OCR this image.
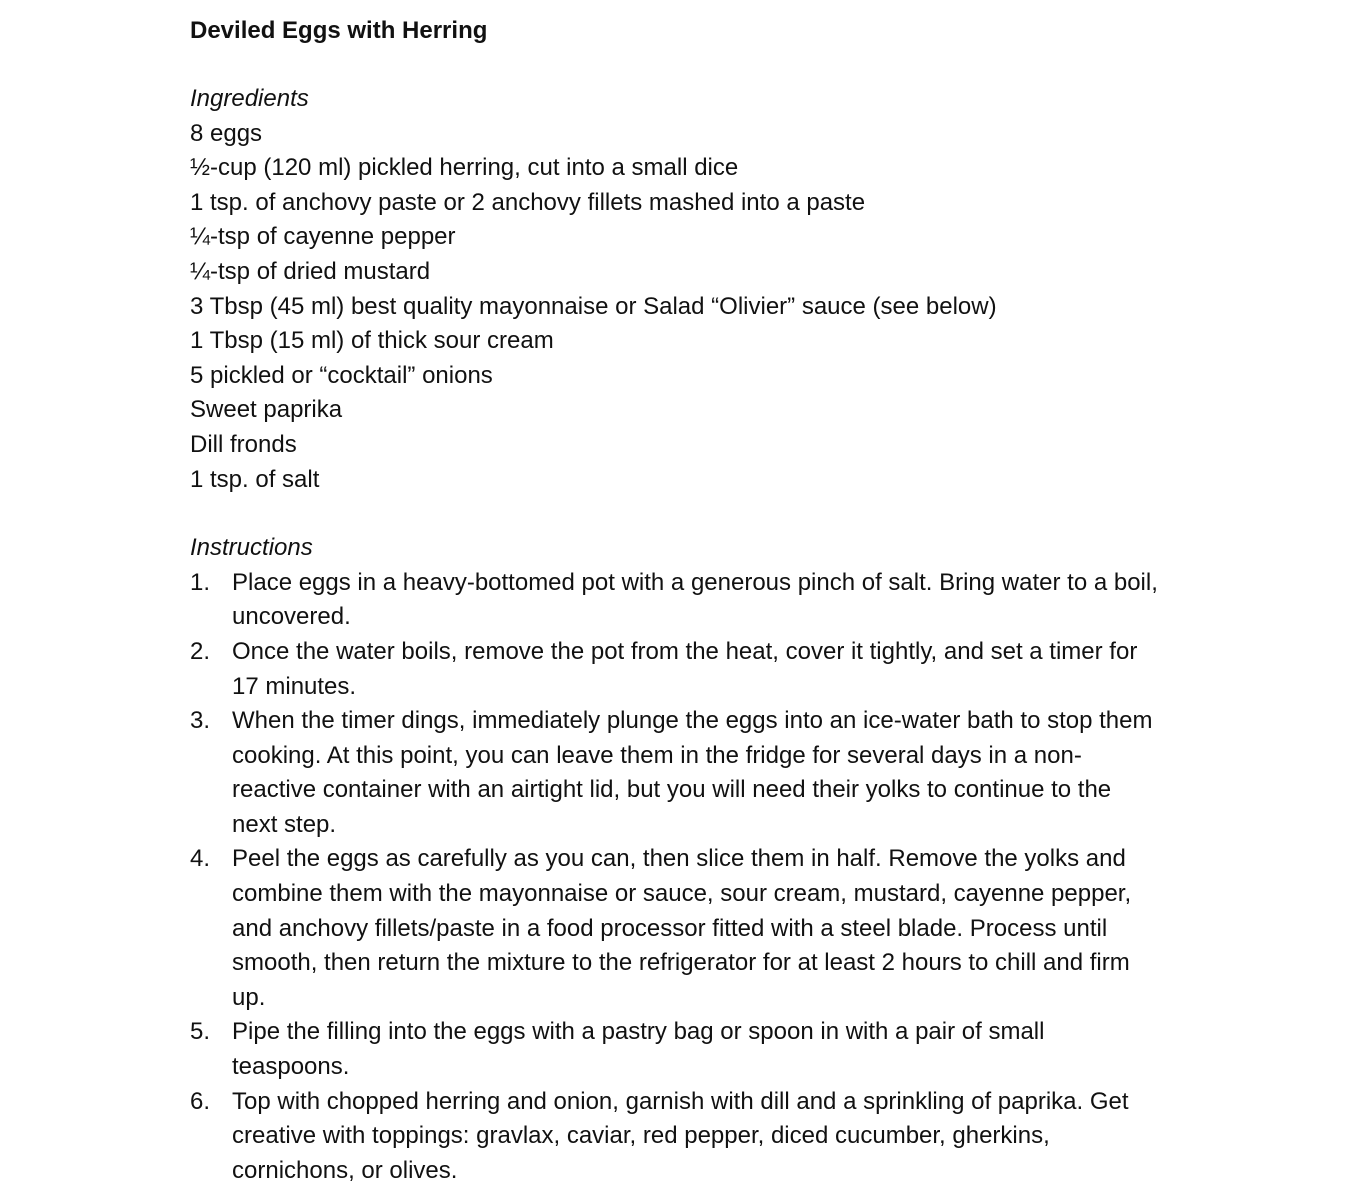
Deviled Eggs with Herring
Ingredients
8 eggs
½-cup (120 ml) pickled herring, cut into a small dice
1 tsp. of anchovy paste or 2 anchovy fillets mashed into a paste
¼-tsp of cayenne pepper
¼-tsp of dried mustard
3 Tbsp (45 ml) best quality mayonnaise or Salad “Olivier” sauce (see below)
1 Tbsp (15 ml) of thick sour cream
5 pickled or “cocktail” onions
Sweet paprika
Dill fronds
1 tsp. of salt
Instructions
1. Place eggs in a heavy-bottomed pot with a generous pinch of salt. Bring water to a boil,
uncovered.
2. Once the water boils, remove the pot from the heat, cover it tightly, and set a timer for
17 minutes.
3. When the timer dings, immediately plunge the eggs into an ice-water bath to stop them
cooking. At this point, you can leave them in the fridge for several days in a non-
reactive container with an airtight lid, but you will need their yolks to continue to the
next step.
4. Peel the eggs as carefully as you can, then slice them in half. Remove the yolks and
combine them with the mayonnaise or sauce, sour cream, mustard, cayenne pepper,
and anchovy fillets/paste in a food processor fitted with a steel blade. Process until
smooth, then return the mixture to the refrigerator for at least 2 hours to chill and firm
up.
5. Pipe the filling into the eggs with a pastry bag or spoon in with a pair of small
teaspoons.
6. Top with chopped herring and onion, garnish with dill and a sprinkling of paprika. Get
creative with toppings: gravlax, caviar, red pepper, diced cucumber, gherkins,
cornichons, or olives.
